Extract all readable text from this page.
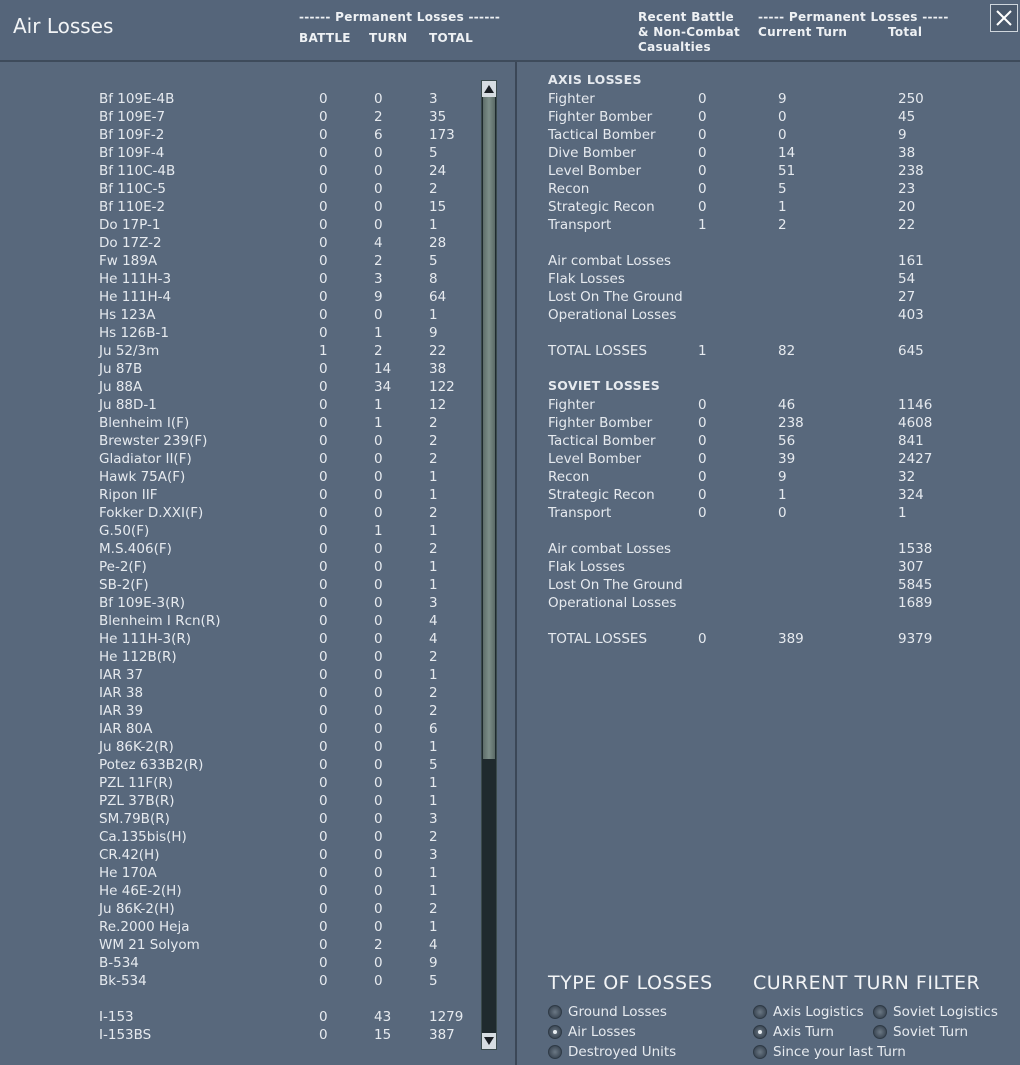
Air Losses	------ Permanent Losses ------
BATTLE TURN TOTAL
Recent Battle
& Non-Combat
Casualties
----- Permanent Losses -----
Current Turn	Total
Bf 109E-4B	0	0	3
Bf 109E-7	0	2	35
Bf 109F-2	0	6	173
Bf 109F-4	0	0	5
Bf 110C-4B	0	0	24
Bf 110C-5	0	0	2
Bf 110E-2	0	0	15
Do 17P-1	0	0	1
Do 17Z-2	0	4	28
Fw 189A	0	2	5
He 111H-3	0	3	8
He 111H-4	0	9	64
Hs 123A	0	0	1
Hs 126B-1	0	1	9
Ju 52/3m	1	2	22
Ju 87B	0	14	38
Ju 88A	0	34	122
Ju 88D-1	0	1	12
Blenheim I(F)	0	1	2
Brewster 239(F)	0	0	2
Gladiator II(F)	0	0	2
Hawk 75A(F)	0	0	1
Ripon IIF	0	0	1
Fokker D.XXI(F)	0	0	2
G.50(F)	0	1	1
M.S.406(F)	0	0	2
Pe-2(F)	0	0	1
SB-2(F)	0	0	1
Bf 109E-3(R)	0	0	3
Blenheim I Rcn(R)	0	0	4
He 111H-3(R)	0	0	4
He 112B(R)	0	0	2
IAR 37	0	0	1
IAR 38	0	0	2
IAR 39	0	0	2
IAR 80A	0	0	6
Ju 86K-2(R)	0	0	1
Potez 633B2(R)	0	0	5
PZL 11F(R)	0	0	1
PZL 37B(R)	0	0	1
SM.79B(R)	0	0	3
Ca.135bis(H)	0	0	2
CR.42(H)	0	0	3
He 170A	0	0	1
He 46E-2(H)	0	0	1
Ju 86K-2(H)	0	0	2
Re.2000 Heja	0	0	1
WM 21 Solyom	0	2	4
B-534	0	0	9
Bk-534	0	0	5
I-153	0	43	1279
I-153BS	0	15	387
AXIS LOSSES
Fighter	0	9	250
Fighter Bomber	0	0	45
Tactical Bomber	0	0	9
Dive Bomber	0	14	38
Level Bomber	0	51	238
Recon	0	5	23
Strategic Recon	0	1	20
Transport	1	2	22
Air combat Losses	161
Flak Losses	54
Lost On The Ground	27
Operational Losses	403
TOTAL LOSSES	1	82	645
SOVIET LOSSES
Fighter	0	46	1146
Fighter Bomber	0	238	4608
Tactical Bomber	0	56	841
Level Bomber	0	39	2427
Recon	0	9	32
Strategic Recon	0	1	324
Transport	0	0	1
Air combat Losses	1538
Flak Losses	307
Lost On The Ground	5845
Operational Losses	1689
TOTAL LOSSES	0	389	9379
TYPE OF LOSSES CURRENT TURN FILTER
Ground Losses
Air Losses
Destroyed Units
Axis Logistics Soviet Logistics
Axis Turn	Soviet Turn
Since your last Turn
